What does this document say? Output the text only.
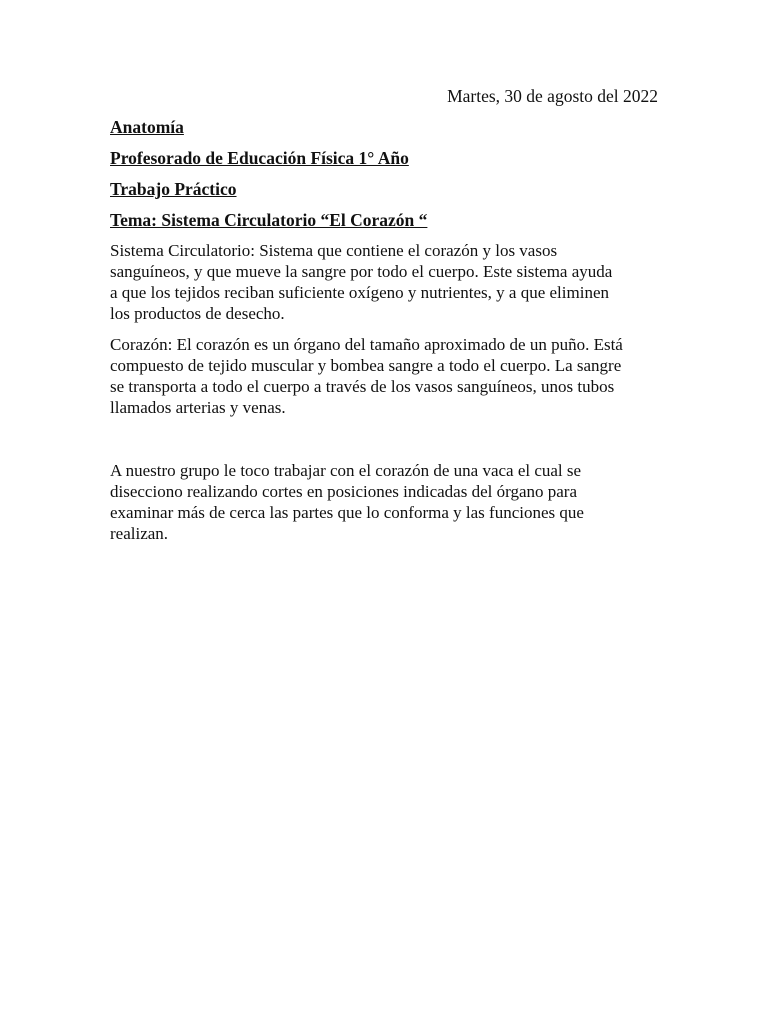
Martes, 30 de agosto del 2022
Anatomía
Profesorado de Educación Física 1° Año
Trabajo Práctico
Tema: Sistema Circulatorio “El Corazón “

Sistema Circulatorio: Sistema que contiene el corazón y los vasos
sanguíneos, y que mueve la sangre por todo el cuerpo. Este sistema ayuda
a que los tejidos reciban suficiente oxígeno y nutrientes, y a que eliminen
los productos de desecho.

Corazón: El corazón es un órgano del tamaño aproximado de un puño. Está
compuesto de tejido muscular y bombea sangre a todo el cuerpo. La sangre
se transporta a todo el cuerpo a través de los vasos sanguíneos, unos tubos
llamados arterias y venas.

A nuestro grupo le toco trabajar con el corazón de una vaca el cual se
disecciono realizando cortes en posiciones indicadas del órgano para
examinar más de cerca las partes que lo conforma y las funciones que
realizan.
